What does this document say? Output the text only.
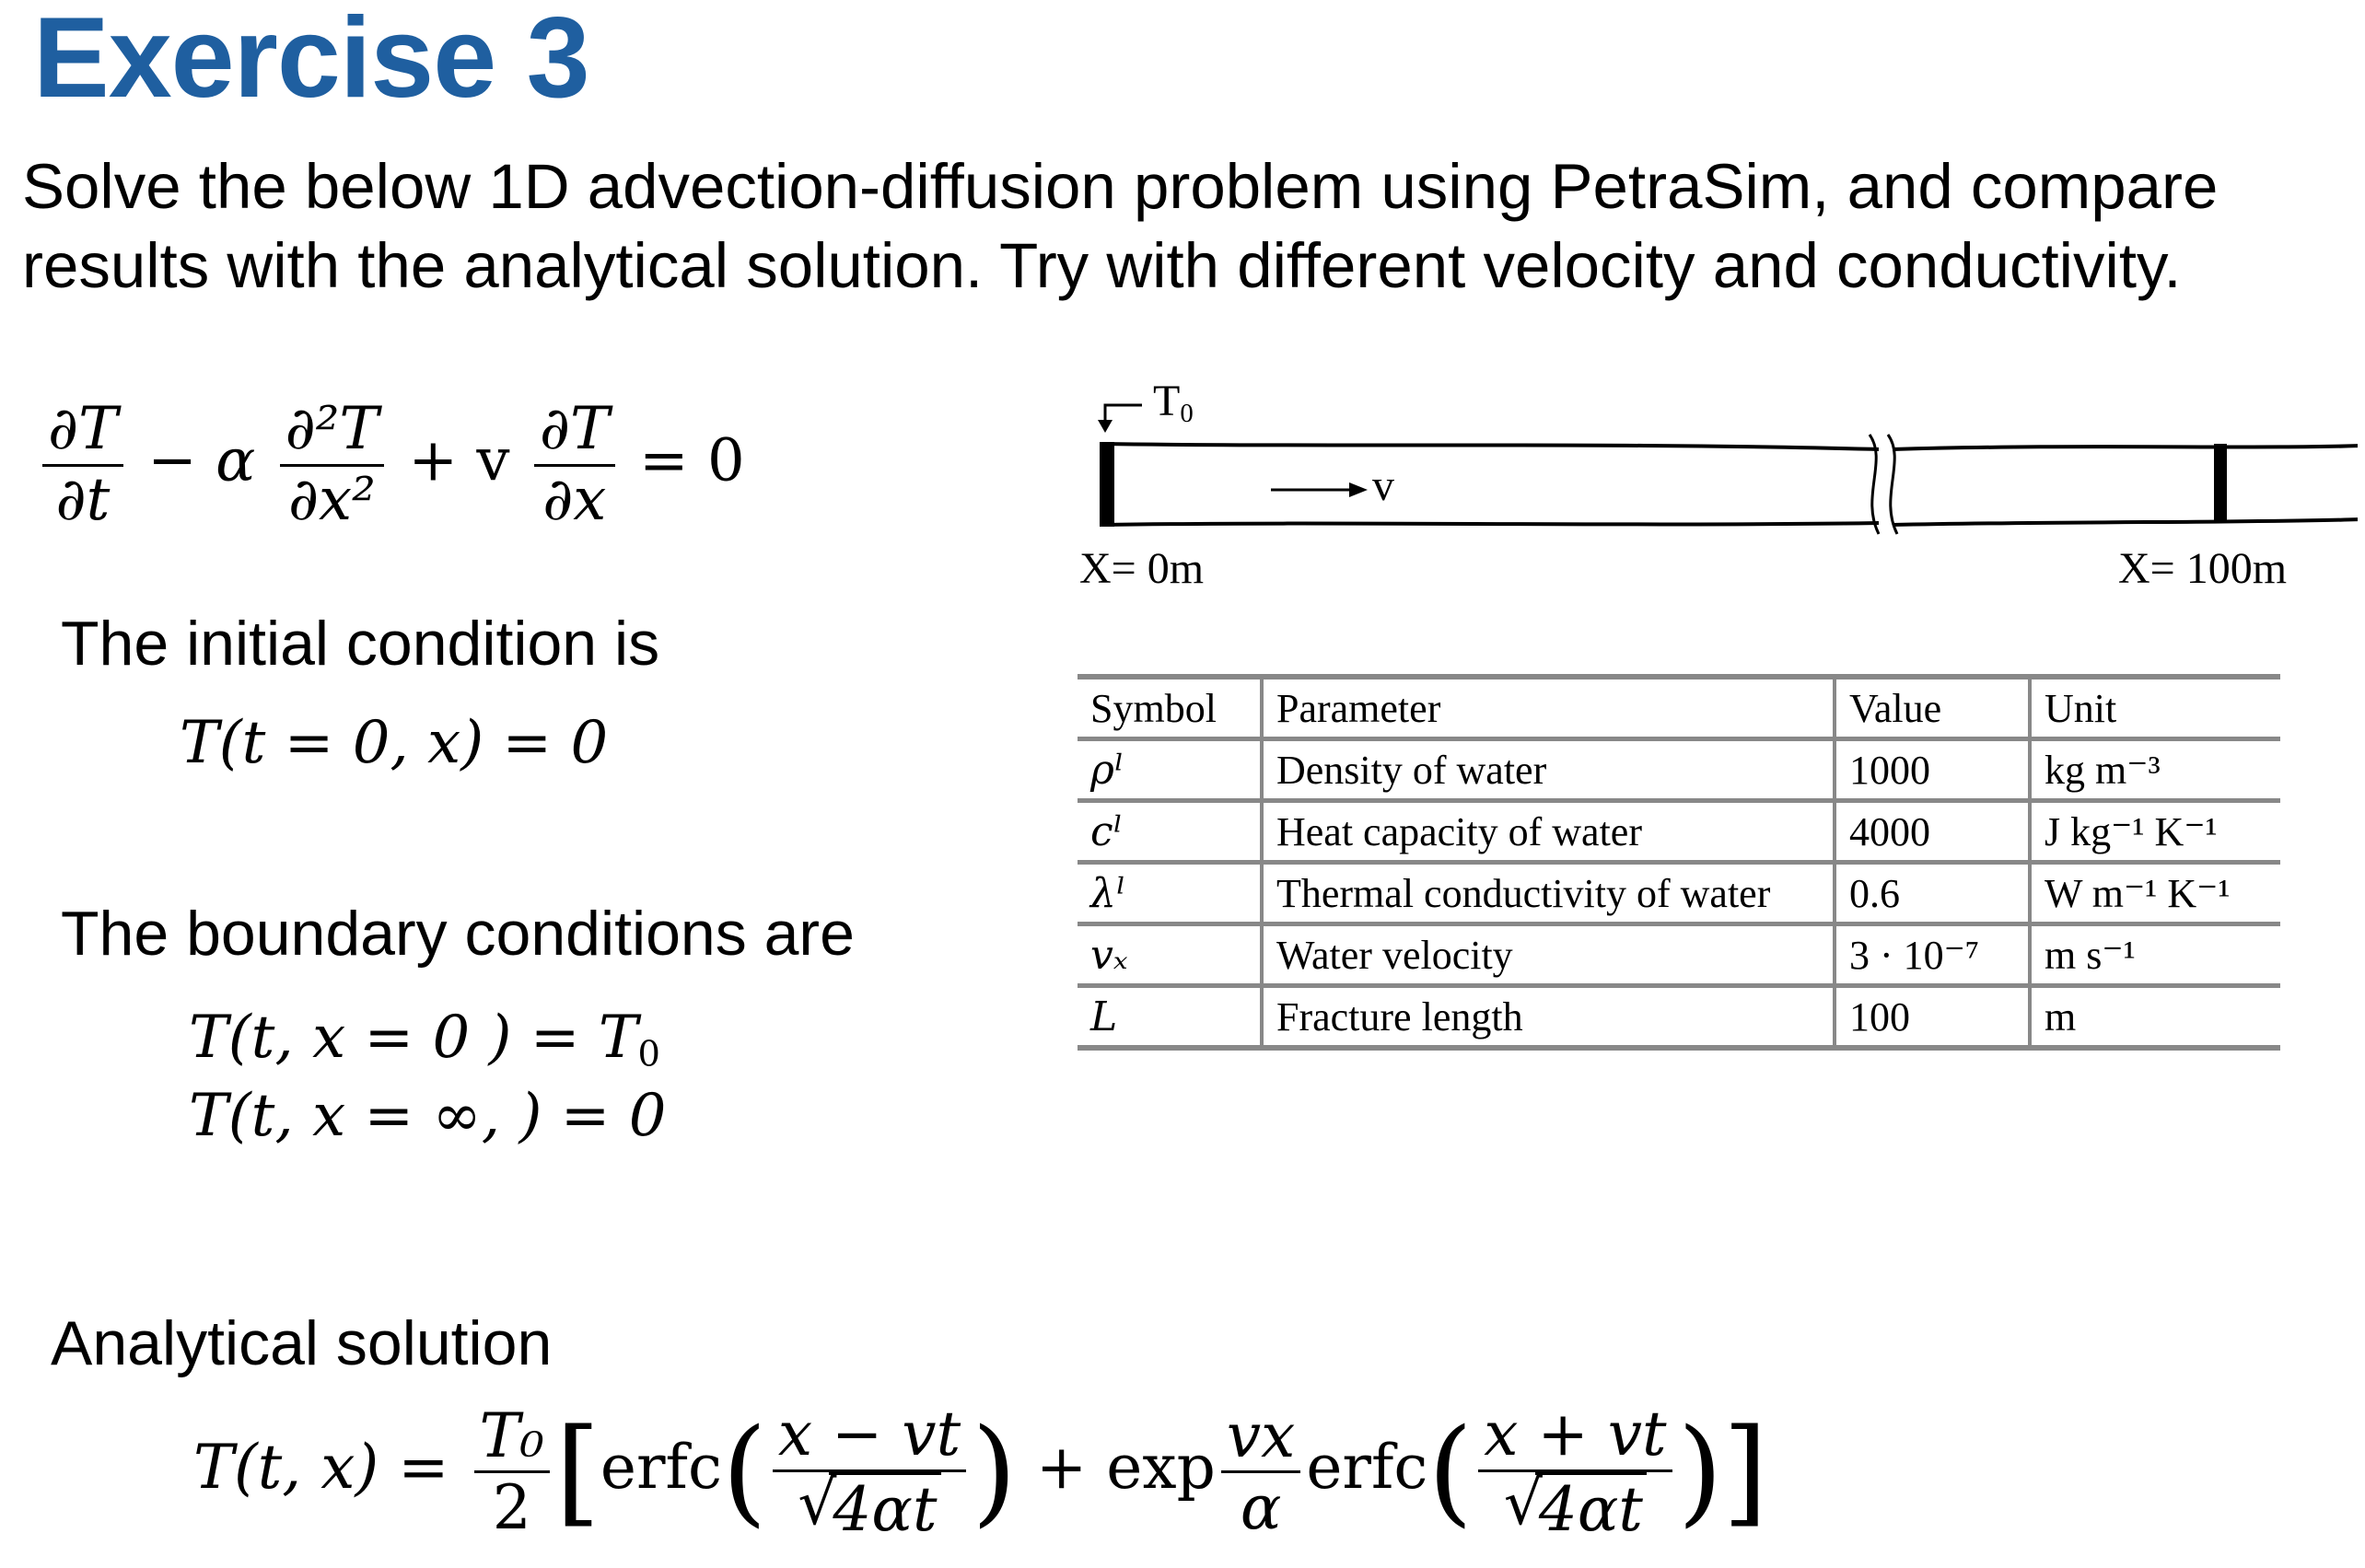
Exercise 3
Solve the below 1D advection-diffusion problem using PetraSim, and compare
results with the analytical solution. Try with different velocity and conductivity.
$\frac{\partial T}{\partial t} - \alpha \frac{\text{∂²T}}{\text{∂x²}} + v \frac{\partial T}{\partial x} = 0$
The initial condition is
T(t = 0, x) = 0
The boundary conditions are
T(t, x = 0 ) = $T_0$
T(t, x = ∞, ) = 0
$T_0$
v
X= 0m	X= 100m
Symbol	Parameter	Value	Unit
ρˡ	Density of water	1000	kg m⁻³
cˡ	Heat capacity of water	4000	J kg⁻¹ K⁻¹
λˡ	Thermal conductivity of water	0.6	W m⁻¹ K⁻¹
vₓ	Water velocity	3 · 10⁻⁷	m s⁻¹
L	Fracture length	100	m
Analytical solution
T(t, $x) = \frac{\text{T₀}}{2}$ [erfc( x − vt
√ 4αt ) + $\exp \frac{vx}{\alpha}$ erfc( x + vt
√ 4αt )]
